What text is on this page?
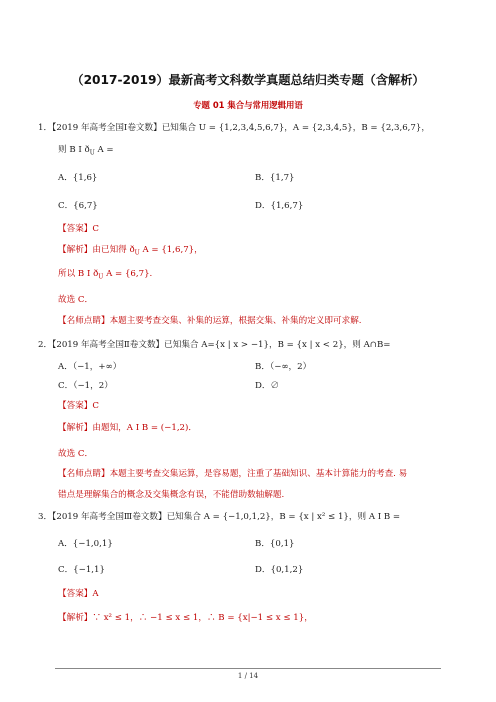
（2017-2019）最新高考文科数学真题总结归类专题（含解析）
专题 01 集合与常用逻辑用语
1．【2019 年高考全国Ⅰ卷文数】已知集合 U = {1,2,3,4,5,6,7}，A = {2,3,4,5}，B = {2,3,6,7}，
则 B I $ð_U$ A =
A．{1,6}	B．{1,7}
C．{6,7}	D．{1,6,7}
【答案】C
【解析】由已知得 $ð_U$ A = {1,6,7}，
所以 B I $ð_U$ A = {6,7}.
故选 C．
【名师点睛】本题主要考查交集、补集的运算，根据交集、补集的定义即可求解.
2．【2019 年高考全国Ⅱ卷文数】已知集合 A={x | x > −1}，B = {x | x < 2}，则 A∩B=
A．（−1，+∞）	B．（−∞，2）
C．（−1，2）	D．∅
【答案】C
【解析】由题知，A I B = (−1,2)．
故选 C．
【名师点睛】本题主要考查交集运算，是容易题，注重了基础知识、基本计算能力的考查. 易
错点是理解集合的概念及交集概念有误，不能借助数轴解题.
3．【2019 年高考全国Ⅲ卷文数】已知集合 A = {−1,0,1,2}，B = {x | x² ≤ 1}，则 A I B =
A．{−1,0,1}	B．{0,1}
C．{−1,1}	D．{0,1,2}
【答案】A
【解析】∵ x² ≤ 1，∴ −1 ≤ x ≤ 1，∴ B = {x|−1 ≤ x ≤ 1}，
1 / 14
